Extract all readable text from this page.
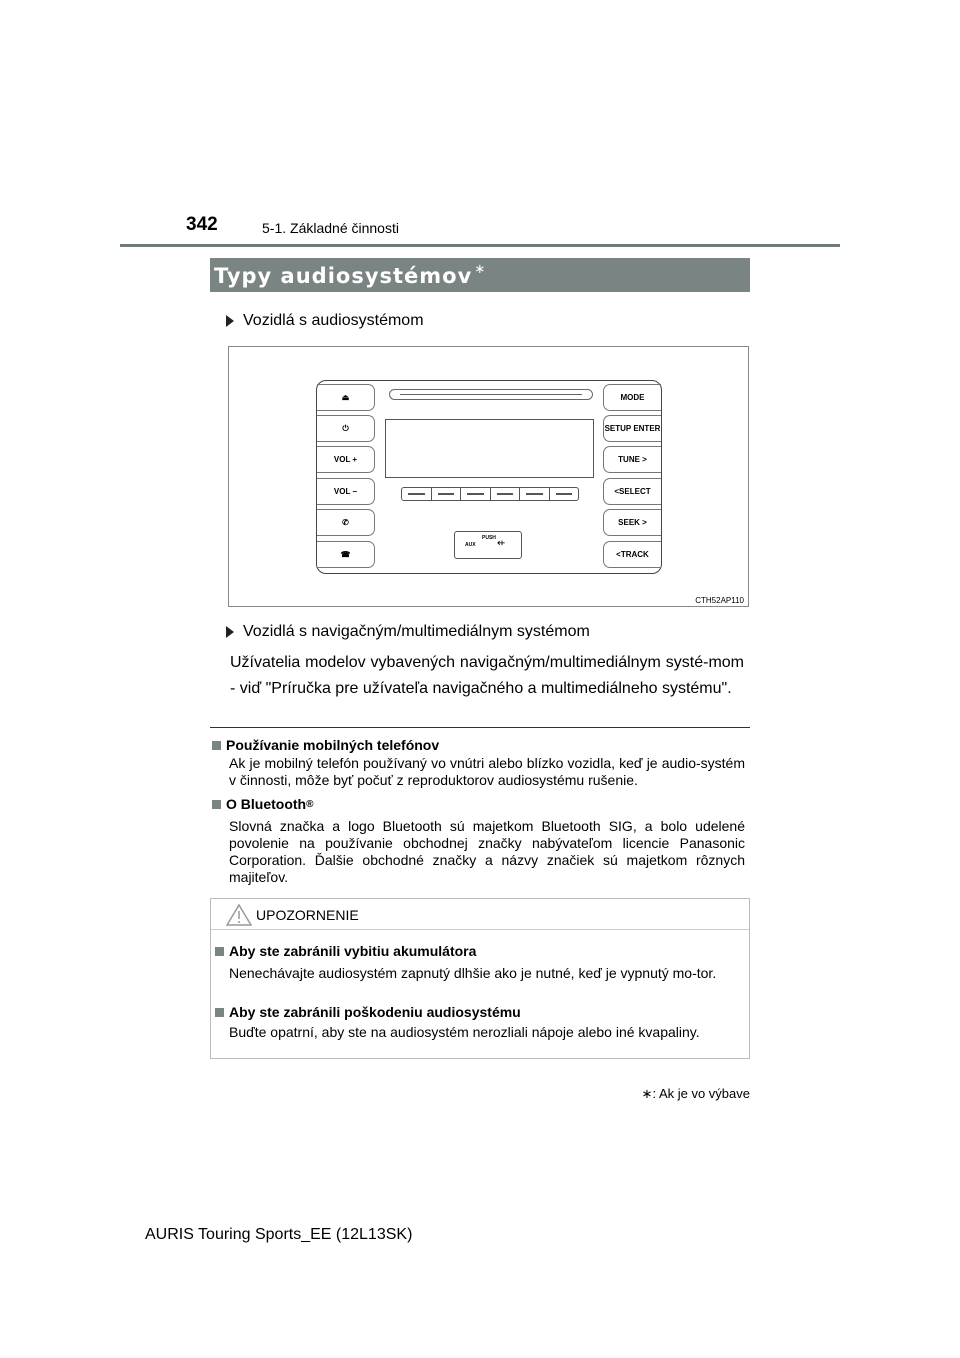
342	5-1. Základné činnosti
Typy audiosystémov ∗
Vozidlá s audiosystémom
⏏
⏻
VOL +
VOL −
✆
☎
MODE
SETUP ENTER
TUNE >
<SELECT
SEEK >
<TRACK
PUSH
AUX ⇷
CTH52AP110
Vozidlá s navigačným/multimediálnym systémom
Užívatelia modelov vybavených navigačným/multimediálnym systé-mom - viď "Príručka pre užívateľa navigačného a multimediálneho systému".
Používanie mobilných telefónov
Ak je mobilný telefón používaný vo vnútri alebo blízko vozidla, keď je audio-systém v činnosti, môže byť počuť z reproduktorov audiosystému rušenie.
O Bluetooth ®
Slovná značka a logo Bluetooth sú majetkom Bluetooth SIG, a bolo udelené povolenie na používanie obchodnej značky nabývateľom licencie Panasonic Corporation. Ďalšie obchodné značky a názvy značiek sú majetkom rôznych majiteľov.
UPOZORNENIE
Aby ste zabránili vybitiu akumulátora
Nenechávajte audiosystém zapnutý dlhšie ako je nutné, keď je vypnutý mo-tor.
Aby ste zabránili poškodeniu audiosystému
Buďte opatrní, aby ste na audiosystém nerozliali nápoje alebo iné kvapaliny.
∗: Ak je vo výbave
AURIS Touring Sports_EE (12L13SK)
